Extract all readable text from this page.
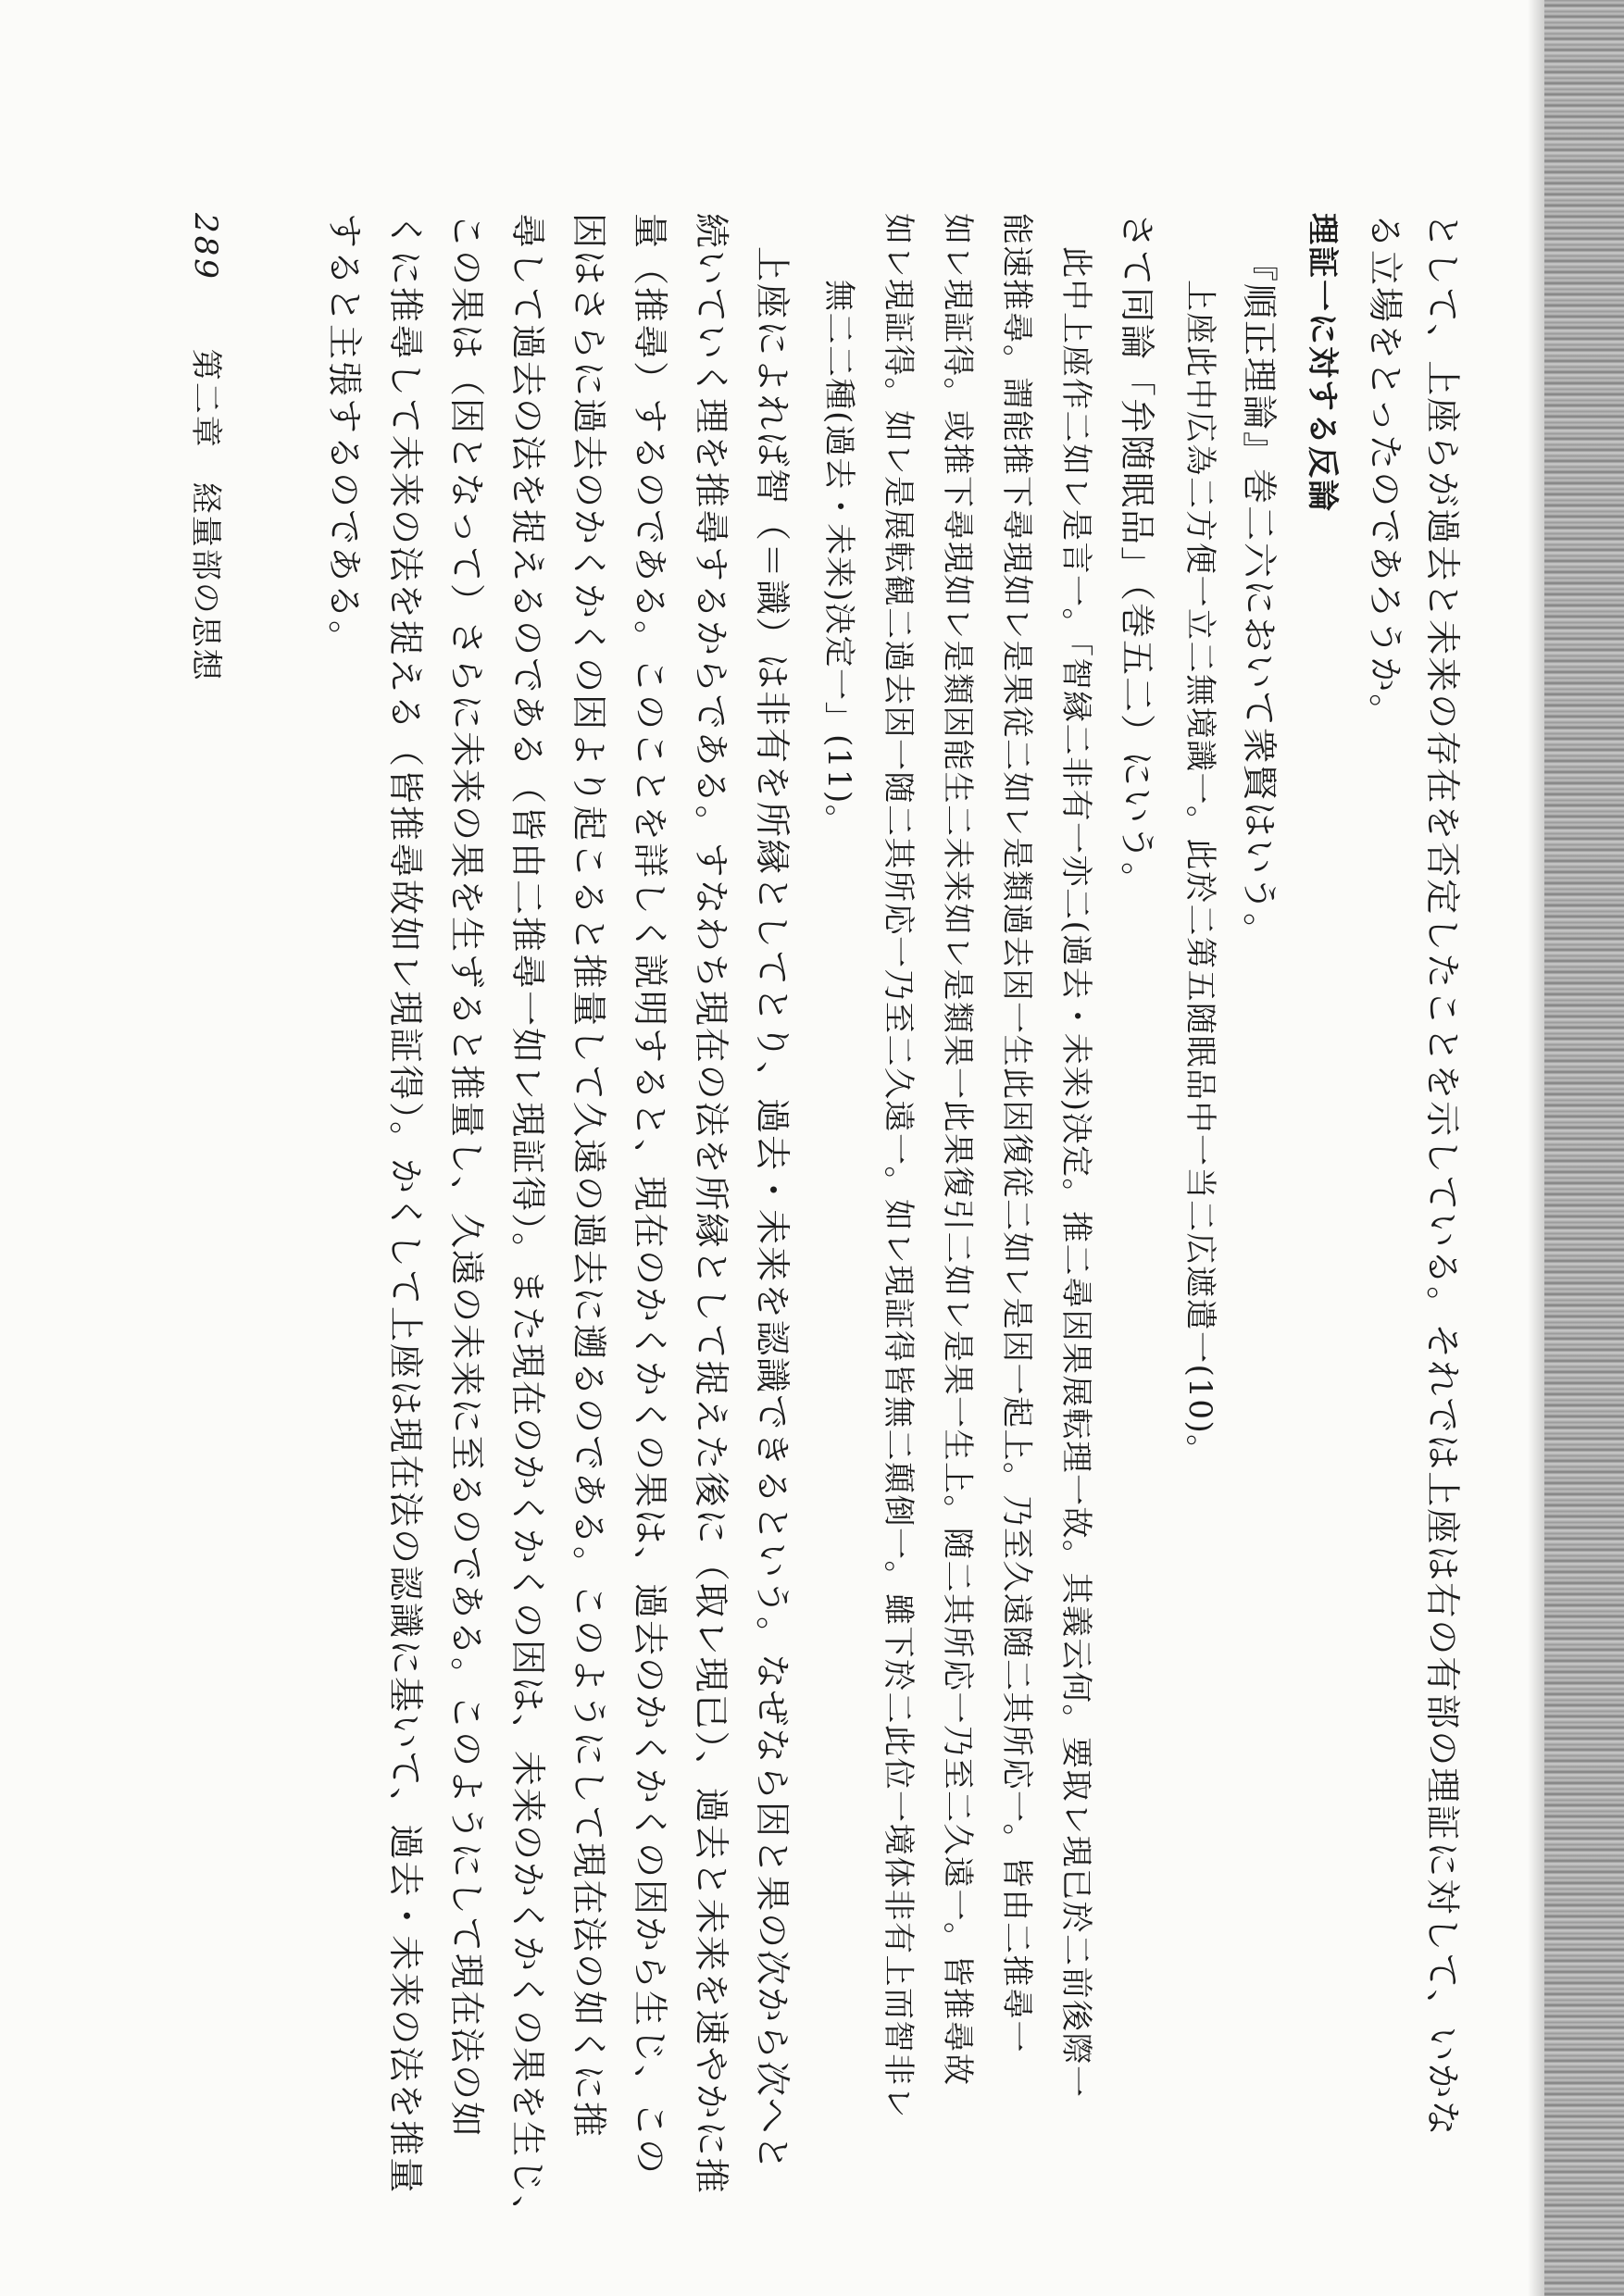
として、上座らが過去と未来の存在を否定したことを示している。それでは上座は右の有部の理証に対して、いかな
る立場をとったのであろうか。
理証一に対する反論
『順正理論』巻二六において衆賢はいう。
上座此中広為二方便一立二無境識一。此於二第五随眠品中一当二広遮遣一(10)。
さて同論「弁随眠品」（巻五二）にいう。
此中上座作二如レ是言一。「智縁二非有一亦二(過去・未来)決定。推二尋因果展転理一故。其義云何。要取レ現已於二前後際一
能速推尋。謂能推下尋現如レ是果従二如レ是類過去因一生此因復従二如レ是因一起上。乃至久遠随二其所応一。皆由二推尋一
如レ現証得。或推下尋現如レ是類因能生二未来如レ是類果一此果復引二如レ是果一生上。随二其所応一乃至二久遠一。皆推尋故
如レ現証得。如レ是展転観二過去因一随二其所応一乃至二久遠一。如レ現証得皆無二顛倒一。雖下於二此位一境体非有上而智非レ
無二二種(過去・未来)決定一」(11)。
上座によれば智（＝識）は非有を所縁としてとり、過去・未来を認識できるという。なぜなら因と果の次から次へと
続いていく理を推尋するからである。すなわち現在の法を所縁として捉えた後に（取レ現已）、過去と未来を速やかに推
量（推尋）するのである。このことを詳しく説明すると、現在のかくかくの果は、過去のかくかくの因から生じ、この
因はさらに過去のかくかくの因より起こると推量して久遠の過去に遡るのである。このようにして現在法の如くに推
尋して過去の法を捉えるのである（皆由二推尋一如レ現証得）。また現在のかくかくの因は、未来のかくかくの果を生じ、
この果は（因となって）さらに未来の果を生ずると推量し、久遠の未来に至るのである。このようにして現在法の如
くに推尋して未来の法を捉える（皆推尋故如レ現証得）。かくして上座は現在法の認識に基いて、過去・未来の法を推量
すると主張するのである。
289 第二章　経量部の思想
